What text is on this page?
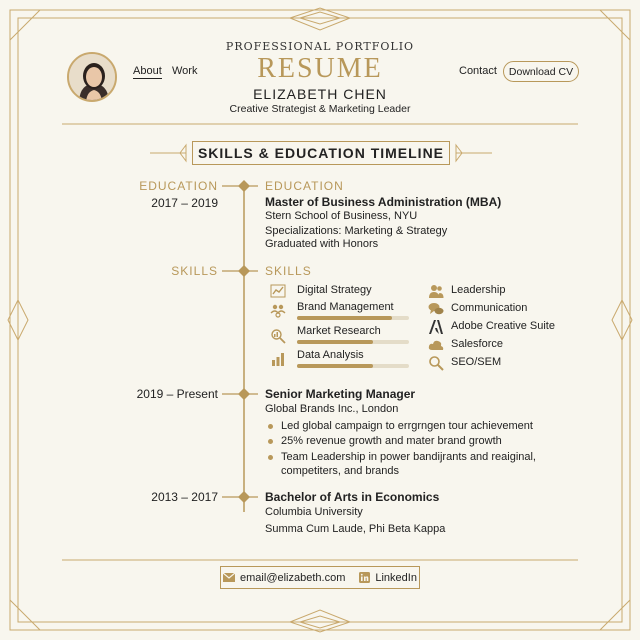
About Work
PROFESSIONAL PORTFOLIO
RESUME
ELIZABETH CHEN
Creative Strategist & Marketing Leader
Contact	Download CV
SKILLS & EDUCATION TIMELINE
EDUCATION
2017 – 2019
EDUCATION
Master of Business Administration (MBA)
Stern School of Business, NYU
Specializations: Marketing & Strategy
Graduated with Honors
SKILLS	SKILLS
Digital Strategy
Brand Management
Market Research
Data Analysis
Leadership
Communication
Adobe Creative Suite
Salesforce
SEO/SEM
2019 – Present	Senior Marketing Manager
Global Brands Inc., London
Led global campaign to errgrngen tour achievement
25% revenue growth and mater brand growth
Team Leadership in power bandijrants and reaiginal, competiters, and brands
2013 – 2017	Bachelor of Arts in Economics
Columbia University
Summa Cum Laude, Phi Beta Kappa
email@elizabeth.com	LinkedIn
